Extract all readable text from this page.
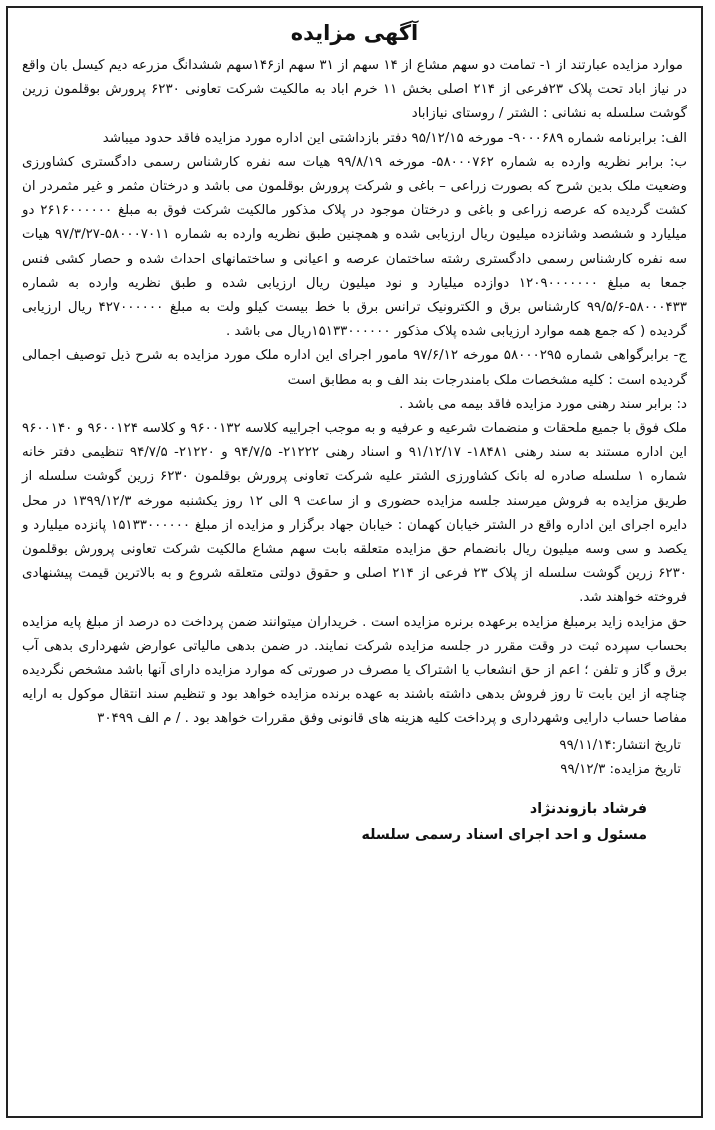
آگهی مزایده

موارد مزایده عبارتند از ۱- تمامت دو سهم مشاع از ۱۴ سهم از ۳۱ سهم از۱۴۶سهم ششدانگ مزرعه دیم کیسل بان واقع در نیاز اباد تحت پلاک ۲۳فرعی از ۲۱۴ اصلی بخش ۱۱ خرم اباد به مالکیت شرکت تعاونی ۶۲۳۰ پرورش بوقلمون زرین گوشت سلسله به نشانی : الشتر / روستای نیازاباد

الف: برابرنامه شماره ۹۰۰۰۶۸۹- مورخه ۹۵/۱۲/۱۵ دفتر بازداشتی این اداره مورد مزایده فاقد حدود میباشد

ب: برابر نظریه وارده به شماره ۵۸۰۰۰۷۶۲- مورخه ۹۹/۸/۱۹ هیات سه نفره کارشناس رسمی دادگستری کشاورزی وضعیت ملک بدین شرح که بصورت زراعی – باغی و شرکت پرورش بوقلمون می باشد و درختان مثمر و غیر مثمردر ان کشت گردیده که عرصه زراعی و باغی و درختان موجود در پلاک مذکور مالکیت شرکت فوق به مبلغ ۲۶۱۶۰۰۰۰۰۰ دو میلیارد و ششصد وشانزده میلیون ریال ارزیابی شده و همچنین طبق نظریه وارده به شماره ۵۸۰۰۰۷۰۱۱-۹۷/۳/۲۷ هیات سه نفره کارشناس رسمی دادگستری رشته ساختمان عرصه و اعیانی و ساختمانهای احداث شده و حصار کشی فنس جمعا به مبلغ ۱۲۰۹۰۰۰۰۰۰۰ دوازده میلیارد و نود میلیون ریال ارزیابی شده و طبق نظریه وارده به شماره ۵۸۰۰۰۴۳۳-۹۹/۵/۶ کارشناس برق و الکترونیک ترانس برق با خط بیست کیلو ولت به مبلغ ۴۲۷۰۰۰۰۰۰ ریال ارزیابی گردیده ( که جمع همه موارد ارزیابی شده پلاک مذکور ۱۵۱۳۳۰۰۰۰۰۰ریال می باشد .

ج- برابرگواهی شماره ۵۸۰۰۰۲۹۵ مورخه ۹۷/۶/۱۲ مامور اجرای این اداره ملک مورد مزایده به شرح ذیل توصیف اجمالی گردیده است : کلیه مشخصات ملک بامندرجات بند الف و به مطابق است

د: برابر سند رهنی مورد مزایده فاقد بیمه می باشد .

ملک فوق با جمیع ملحقات و منضمات شرعیه و عرفیه و به موجب اجراییه کلاسه ۹۶۰۰۱۳۲ و کلاسه ۹۶۰۰۱۲۴ و ۹۶۰۰۱۴۰ این اداره مستند به سند رهنی ۱۸۴۸۱- ۹۱/۱۲/۱۷ و اسناد رهنی ۲۱۲۲۲- ۹۴/۷/۵ و ۲۱۲۲۰- ۹۴/۷/۵ تنظیمی دفتر خانه شماره ۱ سلسله صادره له بانک کشاورزی الشتر علیه شرکت تعاونی پرورش بوقلمون ۶۲۳۰ زرین گوشت سلسله از طریق مزایده به فروش میرسند جلسه مزایده حضوری و از ساعت ۹ الی ۱۲ روز یکشنبه مورخه ۱۳۹۹/۱۲/۳ در محل دایره اجرای این اداره واقع در الشتر خیابان کهمان : خیابان جهاد برگزار و مزایده از مبلغ ۱۵۱۳۳۰۰۰۰۰۰ پانزده میلیارد و یکصد و سی وسه میلیون ریال بانضمام حق مزایده متعلقه بابت سهم مشاع مالکیت شرکت تعاونی پرورش بوقلمون ۶۲۳۰ زرین گوشت سلسله از پلاک ۲۳ فرعی از ۲۱۴ اصلی و حقوق دولتی متعلقه شروع و به بالاترین قیمت پیشنهادی فروخته خواهند شد.

حق مزایده زاید برمبلغ مزایده برعهده برنره مزایده است . خریداران میتوانند ضمن پرداخت ده درصد از مبلغ پایه مزایده بحساب سپرده ثبت در وقت مقرر در جلسه مزایده شرکت نمایند. در ضمن بدهی مالیاتی عوارض شهرداری بدهی آب برق و گاز و تلفن ؛ اعم از حق انشعاب یا اشتراک یا مصرف در صورتی که موارد مزایده دارای آنها باشد مشخص نگردیده چناچه از این بابت تا روز فروش بدهی داشته باشند به عهده برنده مزایده خواهد بود و تنظیم سند انتقال موکول به ارایه مفاصا حساب دارایی وشهرداری و پرداخت کلیه هزینه های قانونی وفق مقررات خواهد بود . / م الف ۳۰۴۹۹

تاریخ انتشار:۹۹/۱۱/۱۴
تاریخ مزایده: ۹۹/۱۲/۳
فرشاد بازوندنژاد
مسئول و احد اجرای اسناد رسمی سلسله
